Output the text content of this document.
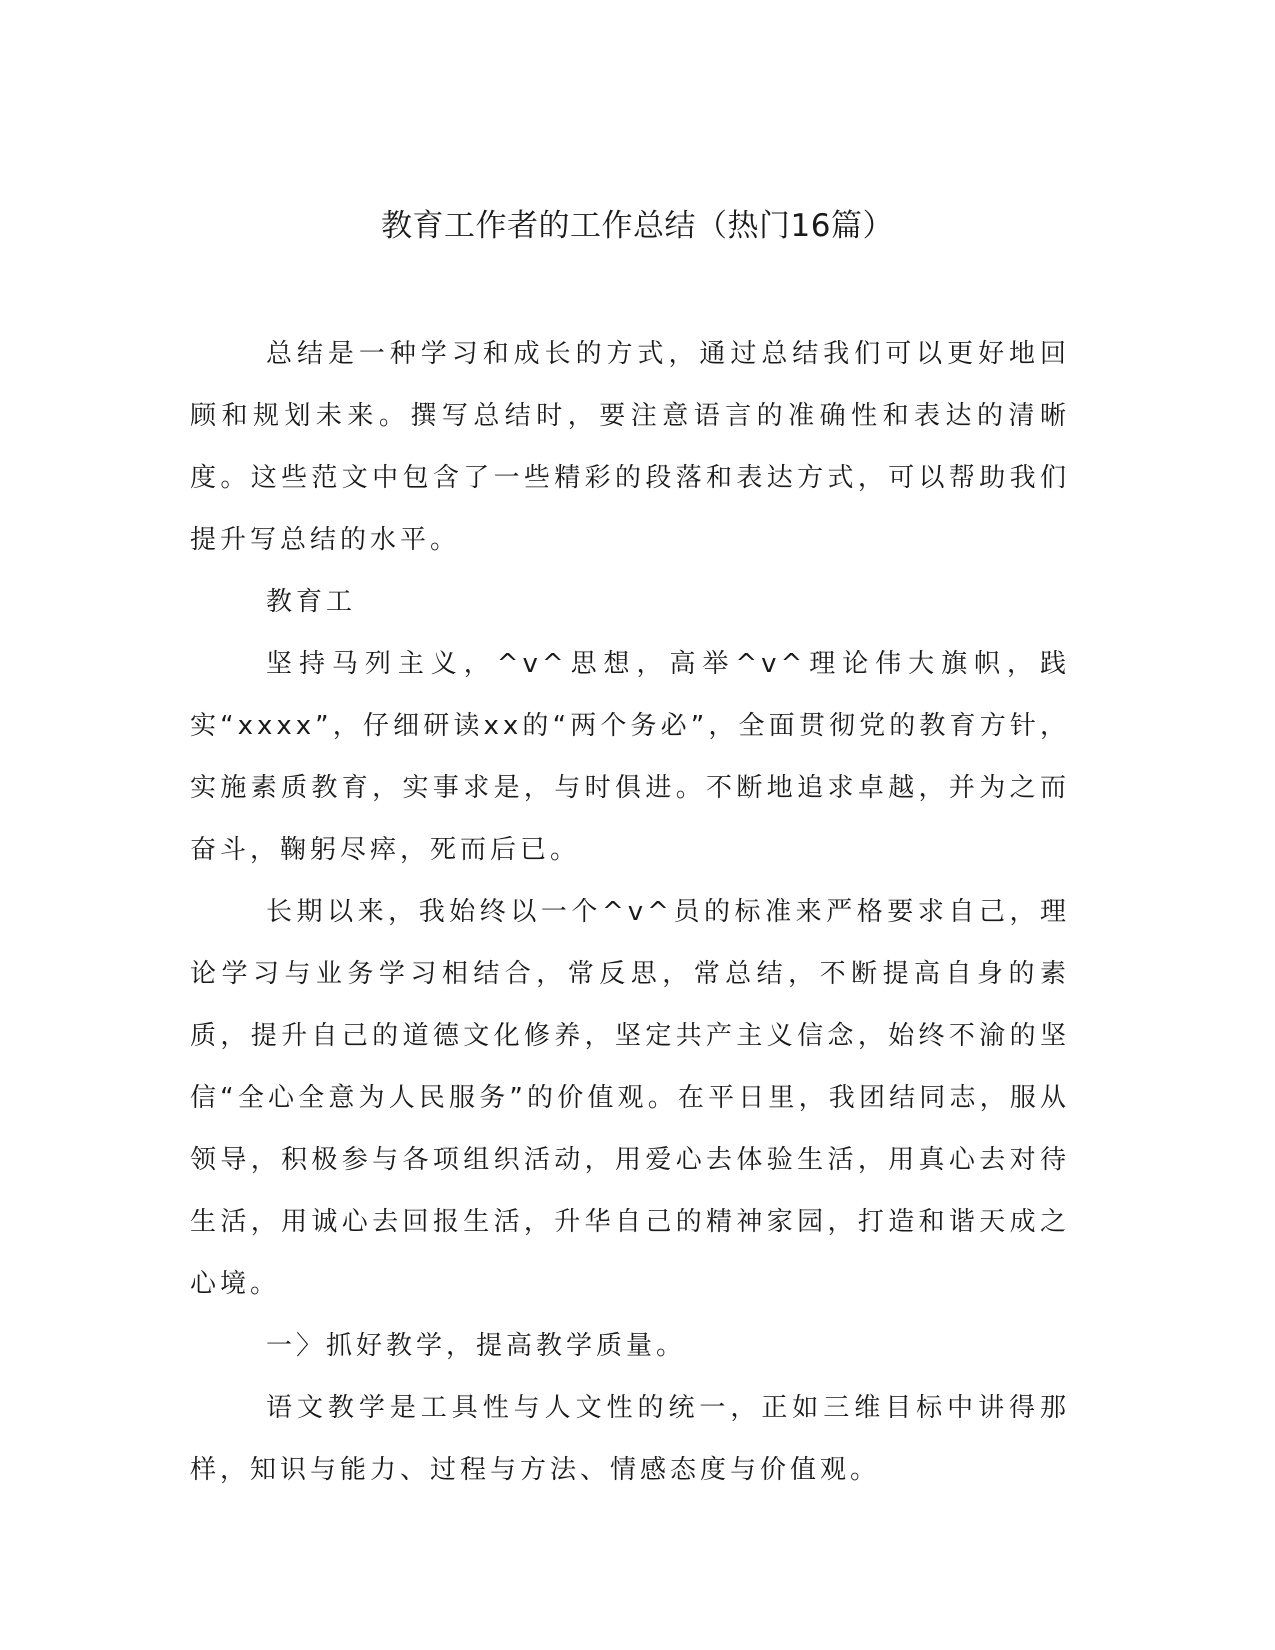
教育工作者的工作总结（热门16篇）

总结是一种学习和成长的方式，通过总结我们可以更好地回顾和规划未来。撰写总结时，要注意语言的准确性和表达的清晰度。这些范文中包含了一些精彩的段落和表达方式，可以帮助我们提升写总结的水平。

教育工

坚持马列主义，^v^思想，高举^v^理论伟大旗帜，践实“xxxx”，仔细研读xx的“两个务必”，全面贯彻党的教育方针，实施素质教育，实事求是，与时俱进。不断地追求卓越，并为之而奋斗，鞠躬尽瘁，死而后已。

长期以来，我始终以一个^v^员的标准来严格要求自己，理论学习与业务学习相结合，常反思，常总结，不断提高自身的素质，提升自己的道德文化修养，坚定共产主义信念，始终不渝的坚信“全心全意为人民服务”的价值观。在平日里，我团结同志，服从领导，积极参与各项组织活动，用爱心去体验生活，用真心去对待生活，用诚心去回报生活，升华自己的精神家园，打造和谐天成之心境。

一〉抓好教学，提高教学质量。

语文教学是工具性与人文性的统一，正如三维目标中讲得那样，知识与能力、过程与方法、情感态度与价值观。
